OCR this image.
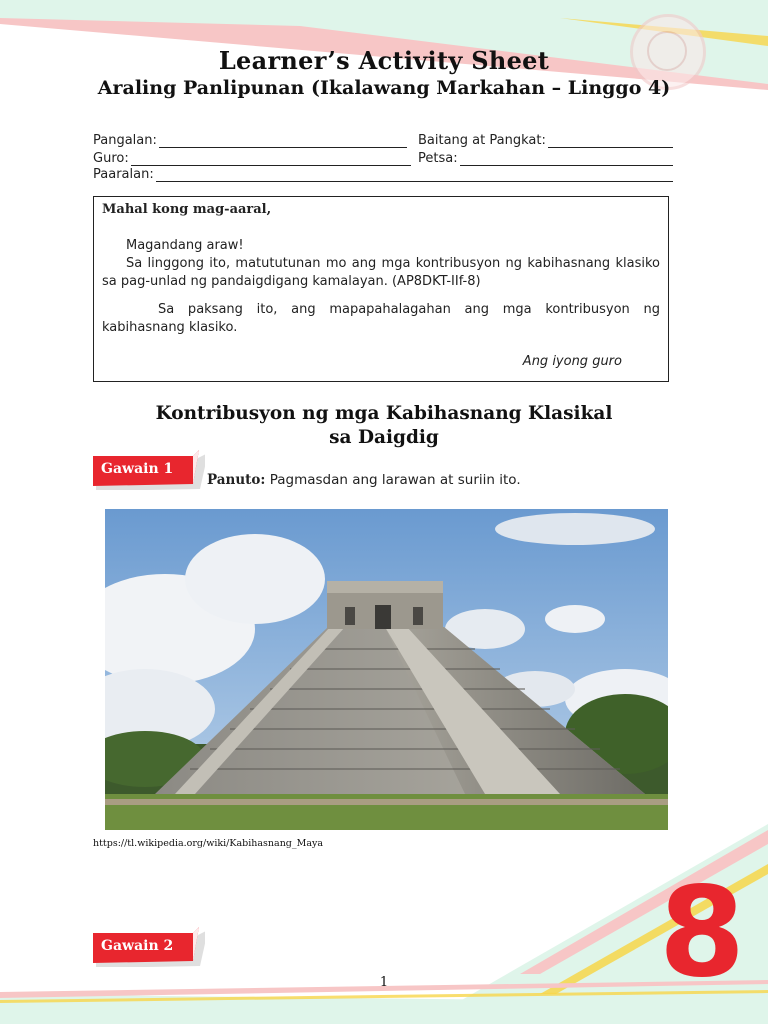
Learner’s Activity Sheet
Araling Panlipunan (Ikalawang Markahan – Linggo 4)
Pangalan:	Baitang at Pangkat:
Guro:	Petsa:
Paaralan:
Mahal kong mag-aaral,
Magandang araw!
Sa linggong ito, matututunan mo ang mga kontribusyon ng kabihasnang klasiko sa pag-unlad ng pandaigdigang kamalayan. (AP8DKT-IIf-8)
Sa paksang ito, ang mapapahalagahan ang mga kontribusyon ng kabihasnang klasiko.
Ang iyong guro
Kontribusyon ng mga Kabihasnang Klasikal
sa Daigdig
Gawain 1
Panuto: Pagmasdan ang larawan at suriin ito.
https://tl.wikipedia.org/wiki/Kabihasnang_Maya
Gawain 2
1	8
